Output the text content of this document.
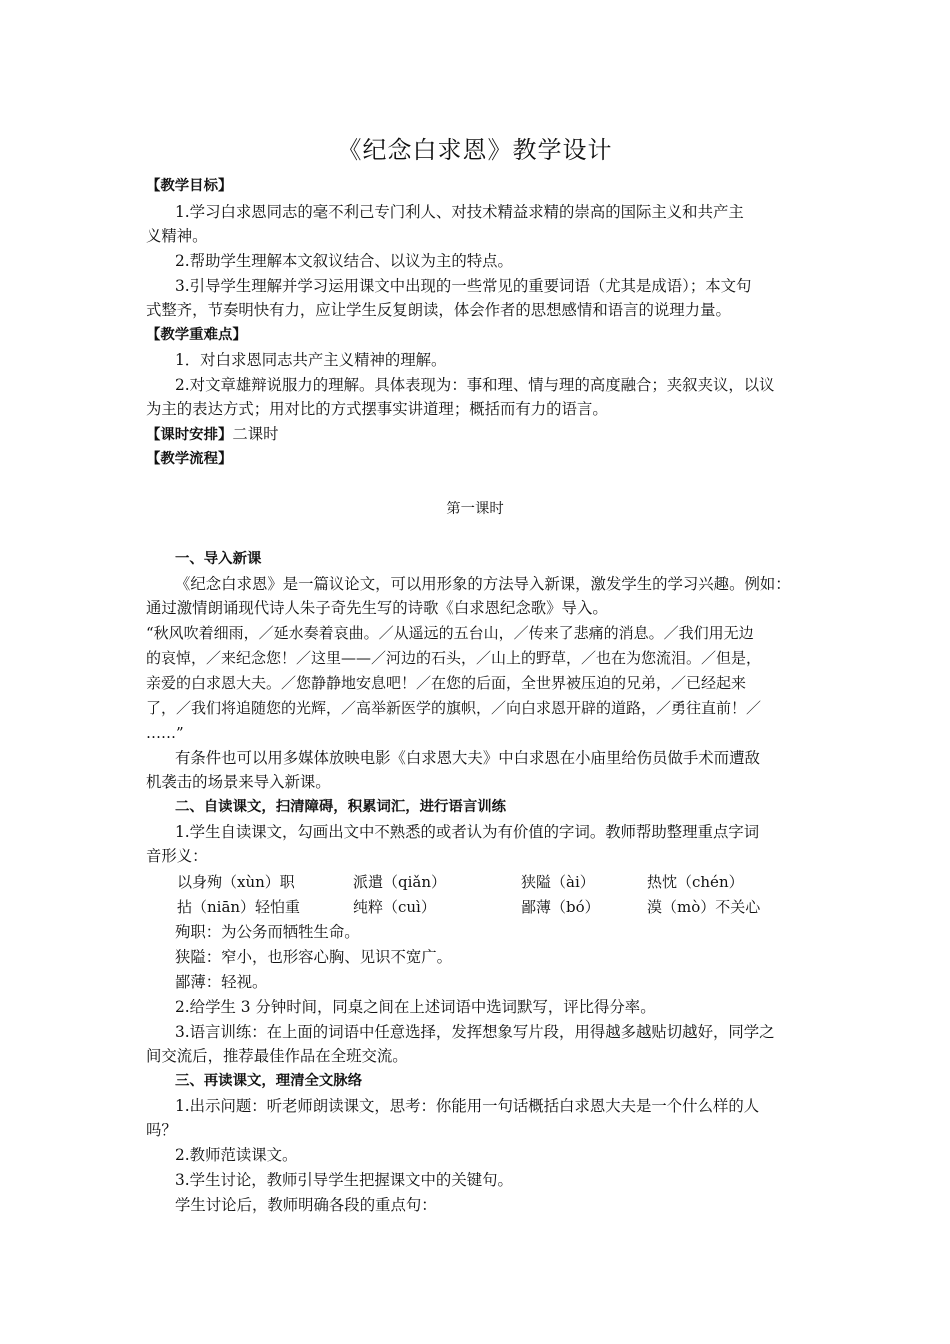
《纪念白求恩》教学设计
【教学目标】
1.学习白求恩同志的毫不利己专门利人、对技术精益求精的崇高的国际主义和共产主
义精神。
2.帮助学生理解本文叙议结合、以议为主的特点。
3.引导学生理解并学习运用课文中出现的一些常见的重要词语（尤其是成语）；本文句
式整齐，节奏明快有力，应让学生反复朗读，体会作者的思想感情和语言的说理力量。
【教学重难点】
1．对白求恩同志共产主义精神的理解。
2.对文章雄辩说服力的理解。具体表现为：事和理、情与理的高度融合；夹叙夹议，以议
为主的表达方式；用对比的方式摆事实讲道理；概括而有力的语言。
【课时安排】二课时
【教学流程】
第一课时
一、导入新课
《纪念白求恩》是一篇议论文，可以用形象的方法导入新课，激发学生的学习兴趣。例如：
通过激情朗诵现代诗人朱子奇先生写的诗歌《白求恩纪念歌》导入。
“秋风吹着细雨，／延水奏着哀曲。／从遥远的五台山，／传来了悲痛的消息。／我们用无边
的哀悼，／来纪念您！／这里——／河边的石头，／山上的野草，／也在为您流泪。／但是，
亲爱的白求恩大夫。／您静静地安息吧！／在您的后面，全世界被压迫的兄弟，／已经起来
了，／我们将追随您的光辉，／高举新医学的旗帜，／向白求恩开辟的道路，／勇往直前！／
……”
有条件也可以用多媒体放映电影《白求恩大夫》中白求恩在小庙里给伤员做手术而遭敌
机袭击的场景来导入新课。
二、自读课文，扫清障碍，积累词汇，进行语言训练
1.学生自读课文，勾画出文中不熟悉的或者认为有价值的字词。教师帮助整理重点字词
音形义：
以身殉（xùn）职	派遣（qiǎn）	狭隘（ài）	热忱（chén）
拈（niān）轻怕重	纯粹（cuì）	鄙薄（bó）	漠（mò）不关心
殉职：为公务而牺牲生命。
狭隘：窄小，也形容心胸、见识不宽广。
鄙薄：轻视。
2.给学生 3 分钟时间，同桌之间在上述词语中选词默写，评比得分率。
3.语言训练：在上面的词语中任意选择，发挥想象写片段，用得越多越贴切越好，同学之
间交流后，推荐最佳作品在全班交流。
三、再读课文，理清全文脉络
1.出示问题：听老师朗读课文，思考：你能用一句话概括白求恩大夫是一个什么样的人
吗？
2.教师范读课文。
3.学生讨论，教师引导学生把握课文中的关键句。
学生讨论后，教师明确各段的重点句：
